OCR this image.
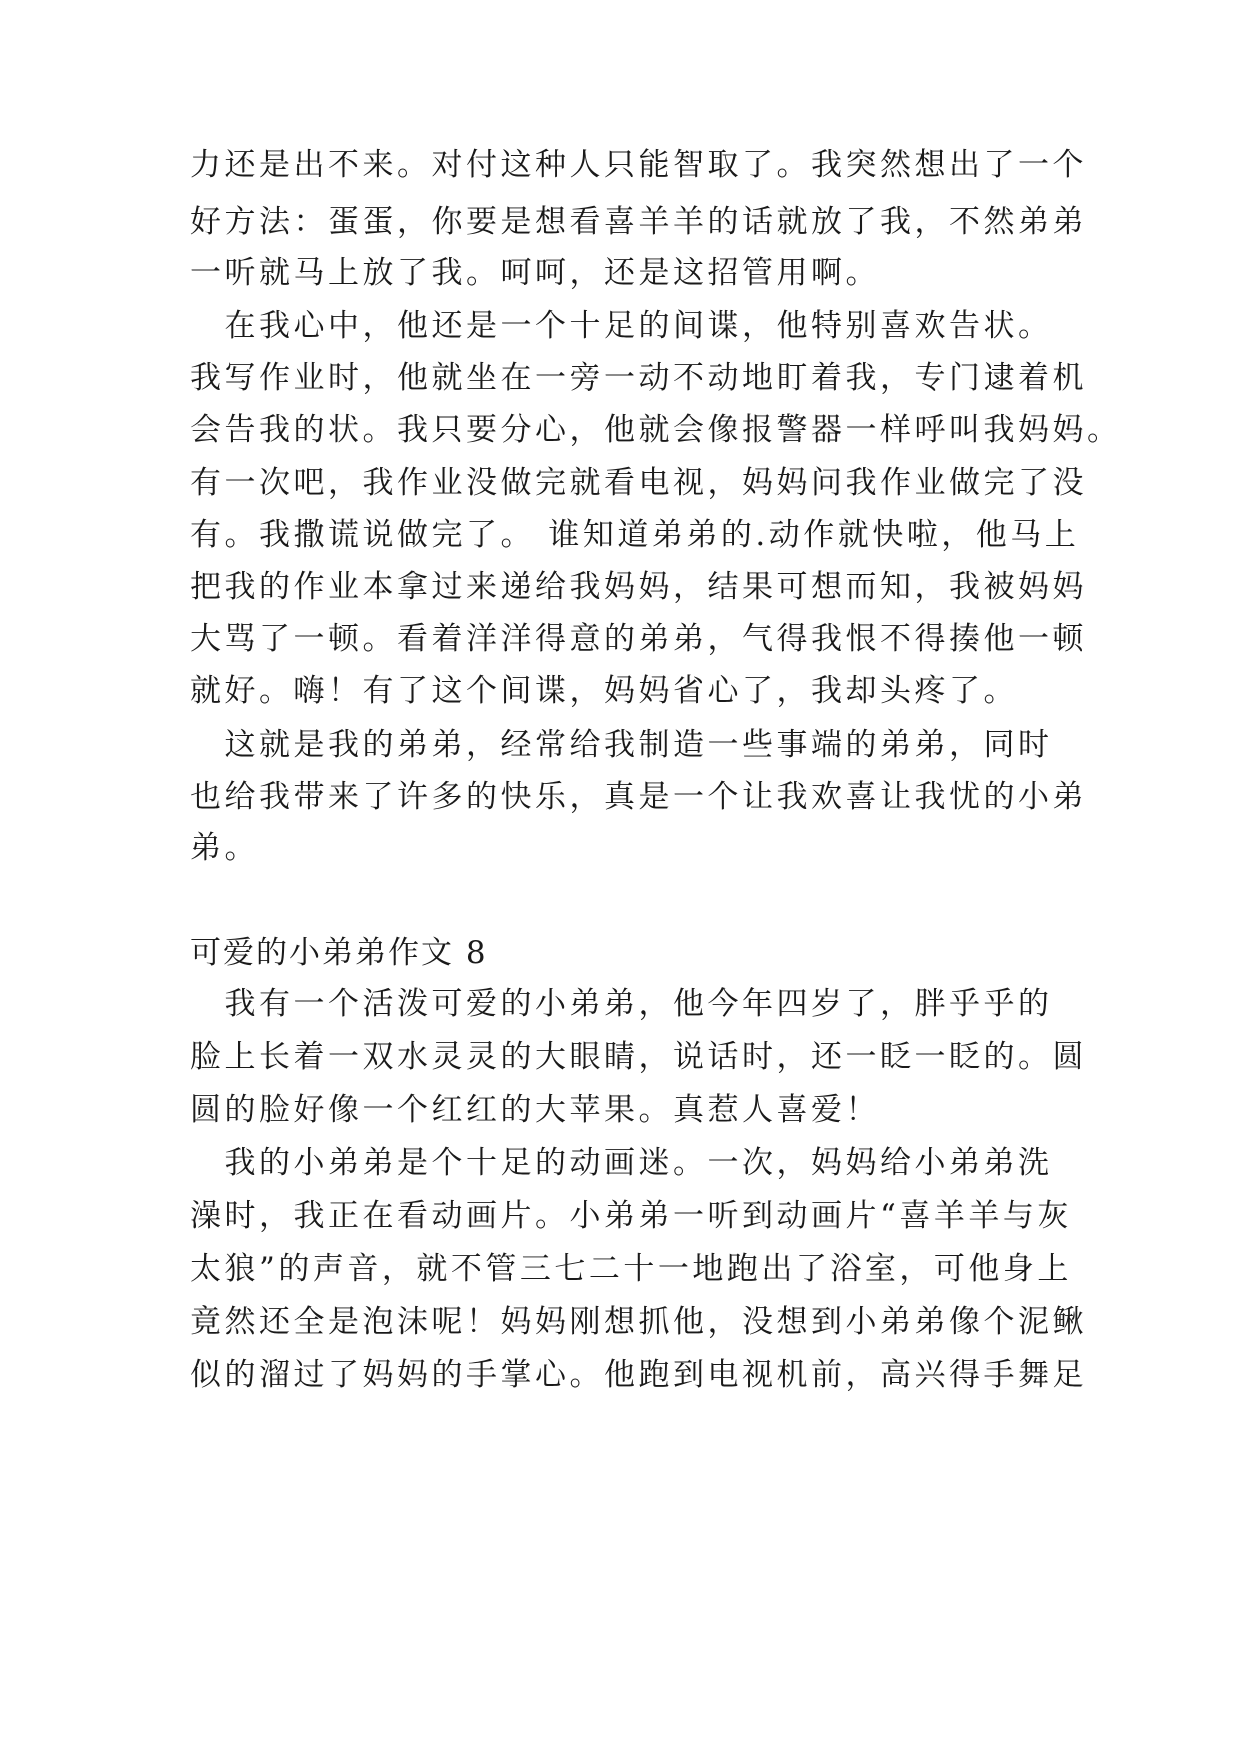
力还是出不来。对付这种人只能智取了。我突然想出了一个
好方法：蛋蛋，你要是想看喜羊羊的话就放了我，不然弟弟
一听就马上放了我。呵呵，还是这招管用啊。
　在我心中，他还是一个十足的间谍，他特别喜欢告状。
我写作业时，他就坐在一旁一动不动地盯着我，专门逮着机
会告我的状。我只要分心，他就会像报警器一样呼叫我妈妈。
有一次吧，我作业没做完就看电视，妈妈问我作业做完了没
有。我撒谎说做完了。 谁知道弟弟的.动作就快啦，他马上
把我的作业本拿过来递给我妈妈，结果可想而知，我被妈妈
大骂了一顿。看着洋洋得意的弟弟，气得我恨不得揍他一顿
就好。嗨！有了这个间谍，妈妈省心了，我却头疼了。
　这就是我的弟弟，经常给我制造一些事端的弟弟，同时
也给我带来了许多的快乐，真是一个让我欢喜让我忧的小弟
弟。
可爱的小弟弟作文 8
　我有一个活泼可爱的小弟弟，他今年四岁了，胖乎乎的
脸上长着一双水灵灵的大眼睛，说话时，还一眨一眨的。圆
圆的脸好像一个红红的大苹果。真惹人喜爱！
　我的小弟弟是个十足的动画迷。一次，妈妈给小弟弟洗
澡时，我正在看动画片。小弟弟一听到动画片“喜羊羊与灰
太狼”的声音，就不管三七二十一地跑出了浴室，可他身上
竟然还全是泡沫呢！妈妈刚想抓他，没想到小弟弟像个泥鳅
似的溜过了妈妈的手掌心。他跑到电视机前，高兴得手舞足
